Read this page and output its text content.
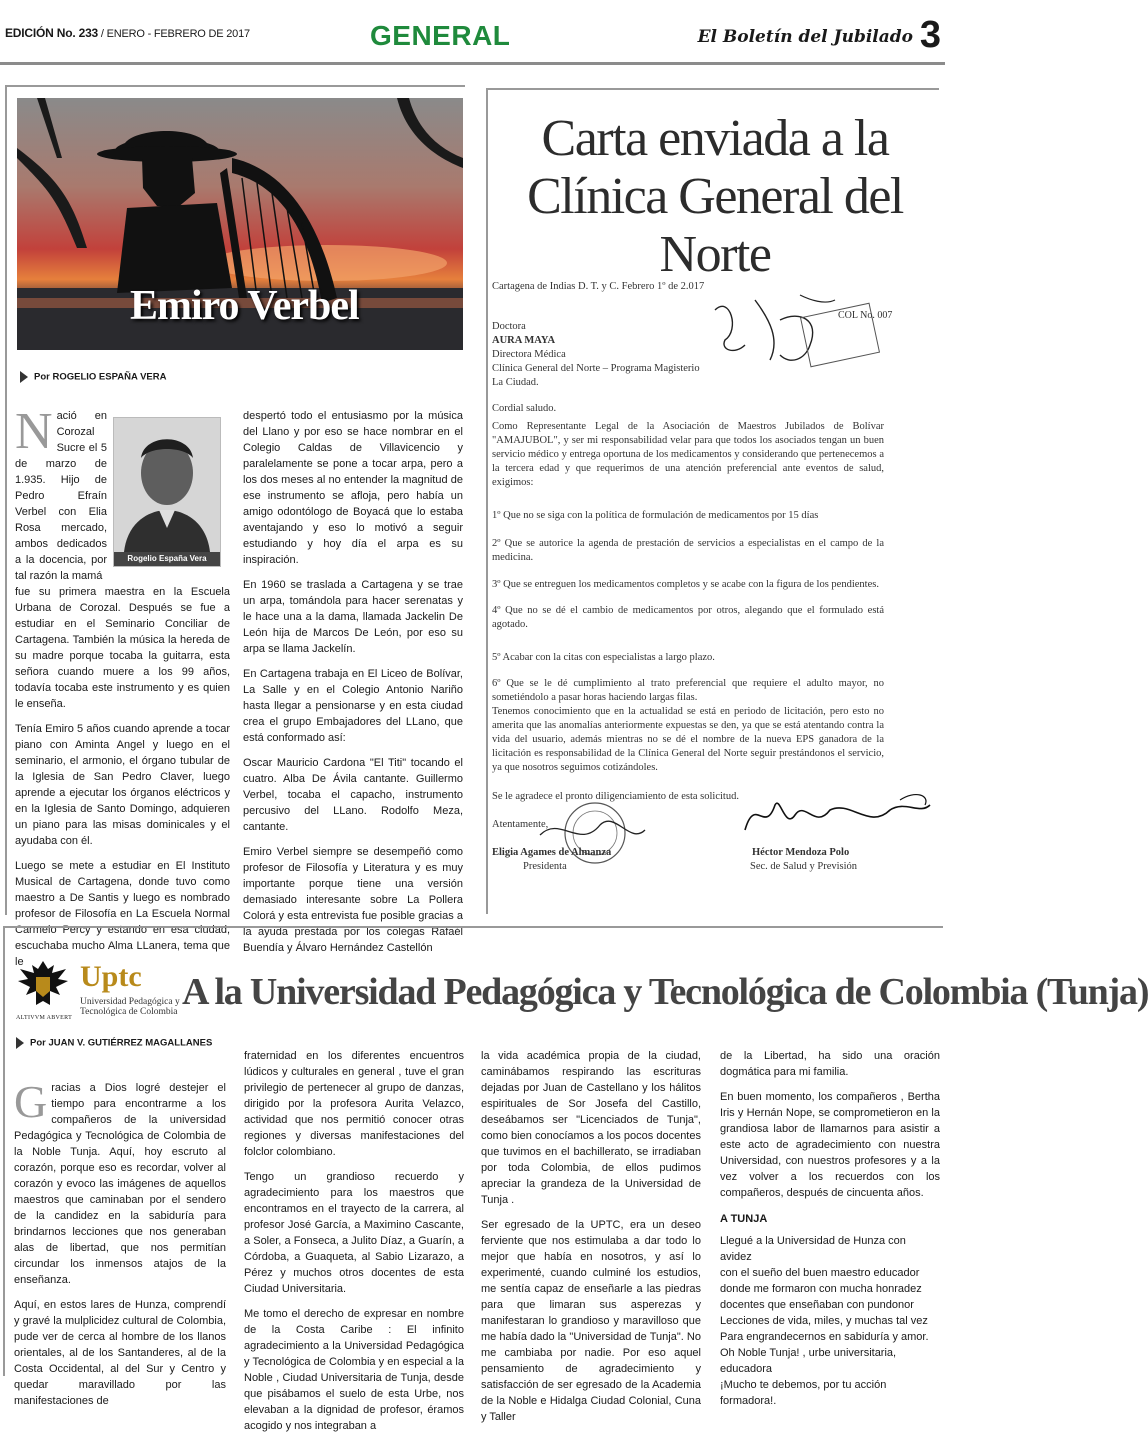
EDICIÓN No. 233 / ENERO - FEBRERO DE 2017	GENERAL	El Boletín del Jubilado 3
Emiro Verbel
Por ROGELIO ESPAÑA VERA
Rogelio España Vera
Nació en Corozal Sucre el 5 de marzo de 1.935. Hijo de Pedro Efraín Verbel con Elia Rosa mercado, ambos dedicados a la docencia, por tal razón la mamá

fue su primera maestra en la Escuela Urbana de Corozal. Después se fue a estudiar en el Seminario Conciliar de Cartagena. También la música la hereda de su madre porque tocaba la guitarra, esta señora cuando muere a los 99 años, todavía tocaba este instrumento y es quien le enseña.

Tenía Emiro 5 años cuando aprende a tocar piano con Aminta Angel y luego en el seminario, el armonio, el órgano tubular de la Iglesia de San Pedro Claver, luego aprende a ejecutar los órganos eléctricos y en la Iglesia de Santo Domingo, adquieren un piano para las misas dominicales y el ayudaba con él.

Luego se mete a estudiar en El Instituto Musical de Cartagena, donde tuvo como maestro a De Santis y luego es nombrado profesor de Filosofía en La Escuela Normal Carmelo Percy y estando en esa ciudad, escuchaba mucho Alma LLanera, tema que le

despertó todo el entusiasmo por la música del Llano y por eso se hace nombrar en el Colegio Caldas de Villavicencio y paralelamente se pone a tocar arpa, pero a los dos meses al no entender la magnitud de ese instrumento se afloja, pero había un amigo odontólogo de Boyacá que lo estaba aventajando y eso lo motivó a seguir estudiando y hoy día el arpa es su inspiración.

En 1960 se traslada a Cartagena y se trae un arpa, tomándola para hacer serenatas y le hace una a la dama, llamada Jackelin De León hija de Marcos De León, por eso su arpa se llama Jackelín.

En Cartagena trabaja en El Liceo de Bolívar, La Salle y en el Colegio Antonio Nariño hasta llegar a pensionarse y en esta ciudad crea el grupo Embajadores del LLano, que está conformado así:

Oscar Mauricio Cardona "El Titi" tocando el cuatro. Alba De Ávila cantante. Guillermo Verbel, tocaba el capacho, instrumento percusivo del LLano. Rodolfo Meza, cantante.

Emiro Verbel siempre se desempeñó como profesor de Filosofía y Literatura y es muy importante porque tiene una versión demasiado interesante sobre La Pollera Colorá y esta entrevista fue posible gracias a la ayuda prestada por los colegas Rafaél Buendía y Álvaro Hernández Castellón

Carta enviada a la
Clínica General del Norte
Cartagena de Indias D. T. y C. Febrero 1º de 2.017
COL No. 007
Doctora
AURA MAYA
Directora Médica
Clínica General del Norte – Programa Magisterio
La Ciudad.
Cordial saludo.
Como Representante Legal de la Asociación de Maestros Jubilados de Bolívar "AMAJUBOL", y ser mi responsabilidad velar para que todos los asociados tengan un buen servicio médico y entrega oportuna de los medicamentos y considerando que pertenecemos a la tercera edad y que requerimos de una atención preferencial ante eventos de salud, exigimos:
1º Que no se siga con la política de formulación de medicamentos por 15 días
2º Que se autorice la agenda de prestación de servicios a especialistas en el campo de la medicina.
3º Que se entreguen los medicamentos completos y se acabe con la figura de los pendientes.
4º Que no se dé el cambio de medicamentos por otros, alegando que el formulado está agotado.
5º Acabar con la citas con especialistas a largo plazo.
6º Que se le dé cumplimiento al trato preferencial que requiere el adulto mayor, no sometiéndolo a pasar horas haciendo largas filas.
Tenemos conocimiento que en la actualidad se está en periodo de licitación, pero esto no amerita que las anomalías anteriormente expuestas se den, ya que se está atentando contra la vida del usuario, además mientras no se dé el nombre de la nueva EPS ganadora de la licitación es responsabilidad de la Clínica General del Norte seguir prestándonos el servicio, ya que nosotros seguimos cotizándoles.
Se le agradece el pronto diligenciamiento de esta solicitud.
Atentamente,
Eligia Agames de Almanza
Presidenta
Héctor Mendoza Polo
Sec. de Salud y Previsión
ALTIVVM ABVERT
Uptc
Universidad Pedagógica y
Tecnológica de Colombia A la Universidad Pedagógica y Tecnológica de Colombia (Tunja)
Por JUAN V. GUTIÉRREZ MAGALLANES

Gracias a Dios logré destejer el tiempo para encontrarme a los compañeros de la universidad Pedagógica y Tecnológica de Colombia de la Noble Tunja. Aquí, hoy escruto al corazón, porque eso es recordar, volver al corazón y evoco las imágenes de aquellos maestros que caminaban por el sendero de la candidez en la sabiduría para brindarnos lecciones que nos generaban alas de libertad, que nos permitían circundar los inmensos atajos de la enseñanza.

Aquí, en estos lares de Hunza, comprendí y gravé la mulplicidez cultural de Colombia, pude ver de cerca al hombre de los llanos orientales, al de los Santanderes, al de la Costa Occidental, al del Sur y Centro y quedar maravillado por las manifestaciones de

fraternidad en los diferentes encuentros lúdicos y culturales en general , tuve el gran privilegio de pertenecer al grupo de danzas, dirigido por la profesora Aurita Velazco, actividad que nos permitió conocer otras regiones y diversas manifestaciones del folclor colombiano.

Tengo un grandioso recuerdo y agradecimiento para los maestros que encontramos en el trayecto de la carrera, al profesor José García, a Maximino Cascante, a Soler, a Fonseca, a Julito Díaz, a Guarín, a Córdoba, a Guaqueta, al Sabio Lizarazo, a Pérez y muchos otros docentes de esta Ciudad Universitaria.

Me tomo el derecho de expresar en nombre de la Costa Caribe : El infinito agradecimiento a la Universidad Pedagógica y Tecnológica de Colombia y en especial a la Noble , Ciudad Universitaria de Tunja, desde que pisábamos el suelo de esta Urbe, nos elevaban a la dignidad de profesor, éramos acogido y nos integraban a

la vida académica propia de la ciudad, caminábamos respirando las escrituras dejadas por Juan de Castellano y los hálitos espirituales de Sor Josefa del Castillo, deseábamos ser "Licenciados de Tunja", como bien conocíamos a los pocos docentes que tuvimos en el bachillerato, se irradiaban por toda Colombia, de ellos pudimos apreciar la grandeza de la Universidad de Tunja .

Ser egresado de la UPTC, era un deseo ferviente que nos estimulaba a dar todo lo mejor que había en nosotros, y así lo experimenté, cuando culminé los estudios, me sentía capaz de enseñarle a las piedras para que limaran sus asperezas y manifestaran lo grandioso y maravilloso que me había dado la "Universidad de Tunja". No me cambiaba por nadie. Por eso aquel pensamiento de agradecimiento y satisfacción de ser egresado de la Academia de la Noble e Hidalga Ciudad Colonial, Cuna y Taller

de la Libertad, ha sido una oración dogmática para mi familia.

En buen momento, los compañeros , Bertha Iris y Hernán Nope, se comprometieron en la grandiosa labor de llamarnos para asistir a este acto de agradecimiento con nuestra Universidad, con nuestros profesores y a la vez volver a los recuerdos con los compañeros, después de cincuenta años.

A TUNJA

Llegué a la Universidad de Hunza con avidez
con el sueño del buen maestro educador
donde me formaron con mucha honradez
docentes que enseñaban con pundonor
Lecciones de vida, miles, y muchas tal vez
Para engrandecernos en sabiduría y amor.
Oh Noble Tunja! , urbe universitaria, educadora
¡Mucho te debemos, por tu acción formadora!.
